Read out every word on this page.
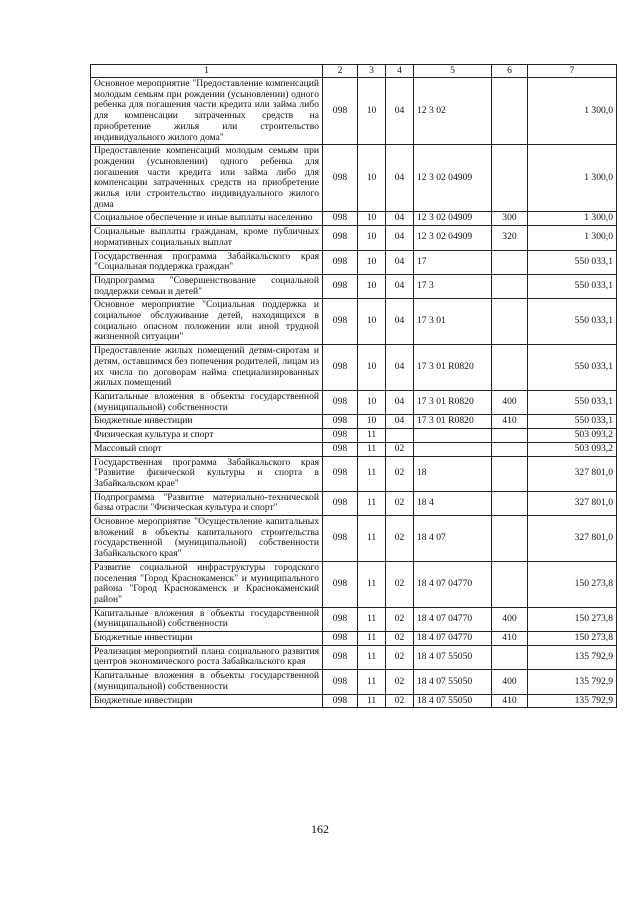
1	2	3	4	5	6	7
Основное мероприятие "Предоставление компенсаций молодым семьям при рождении (усыновлении) одного ребенка для погашения части кредита или займа либо для компенсации затраченных средств на приобретение жилья или строительство индивидуального жилого дома"	098	10	04	12 3 02		1 300,0
Предоставление компенсаций молодым семьям при рождении (усыновлении) одного ребенка для погашения части кредита или займа либо для компенсации затраченных средств на приобретение жилья или строительство индивидуального жилого дома	098	10	04	12 3 02 04909		1 300,0
Социальное обеспечение и иные выплаты населению	098	10	04	12 3 02 04909	300	1 300,0
Социальные выплаты гражданам, кроме публичных нормативных социальных выплат	098	10	04	12 3 02 04909	320	1 300,0
Государственная программа Забайкальского края "Социальная поддержка граждан"	098	10	04	17		550 033,1
Подпрограмма "Совершенствование социальной поддержки семьи и детей"	098	10	04	17 3		550 033,1
Основное мероприятие "Социальная поддержка и социальное обслуживание детей, находящихся в социально опасном положении или иной трудной жизненной ситуации"	098	10	04	17 3 01		550 033,1
Предоставление жилых помещений детям-сиротам и детям, оставшимся без попечения родителей, лицам из их числа по договорам найма специализированных жилых помещений	098	10	04	17 3 01 R0820		550 033,1
Капитальные вложения в объекты государственной (муниципальной) собственности	098	10	04	17 3 01 R0820	400	550 033,1
Бюджетные инвестиции	098	10	04	17 3 01 R0820	410	550 033,1
Физическая культура и спорт	098	11				503 093,2
Массовый спорт	098	11	02			503 093,2
Государственная программа Забайкальского края "Развитие физической культуры и спорта в Забайкальском крае"	098	11	02	18		327 801,0
Подпрограмма "Развитие материально-технической базы отрасли "Физическая культура и спорт"	098	11	02	18 4		327 801,0
Основное мероприятие "Осуществление капитальных вложений в объекты капитального строительства государственной (муниципальной) собственности Забайкальского края"	098	11	02	18 4 07		327 801,0
Развитие социальной инфраструктуры городского поселения "Город Краснокаменск" и муниципального района "Город Краснокаменск и Краснокаменский район"	098	11	02	18 4 07 04770		150 273,8
Капитальные вложения в объекты государственной (муниципальной) собственности	098	11	02	18 4 07 04770	400	150 273,8
Бюджетные инвестиции	098	11	02	18 4 07 04770	410	150 273,8
Реализация мероприятий плана социального развития центров экономического роста Забайкальского края	098	11	02	18 4 07 55050		135 792,9
Капитальные вложения в объекты государственной (муниципальной) собственности	098	11	02	18 4 07 55050	400	135 792,9
Бюджетные инвестиции	098	11	02	18 4 07 55050	410	135 792,9
162
